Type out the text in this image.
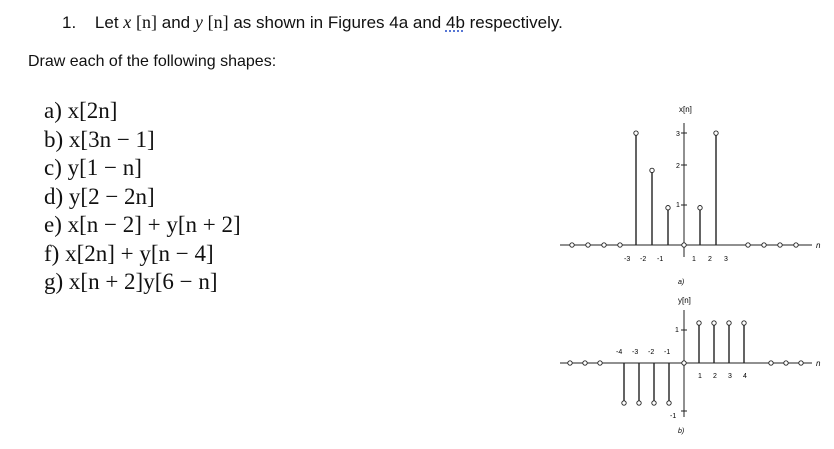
1. Let x [n] and y [n] as shown in Figures 4a and 4b respectively.
Draw each of the following shapes:
a) x[2n]
b) x[3n − 1]
c) y[1 − n]
d) y[2 − 2n]
e) x[n − 2] + y[n + 2]
f) x[2n] + y[n − 4]
g) x[n + 2]y[6 − n]
x[n]
n
3
2
1
-3 -2 -1	1 2 3
a)
y[n]
n
1
-1
-4 -3 -2 -1
1 2 3 4
b)
